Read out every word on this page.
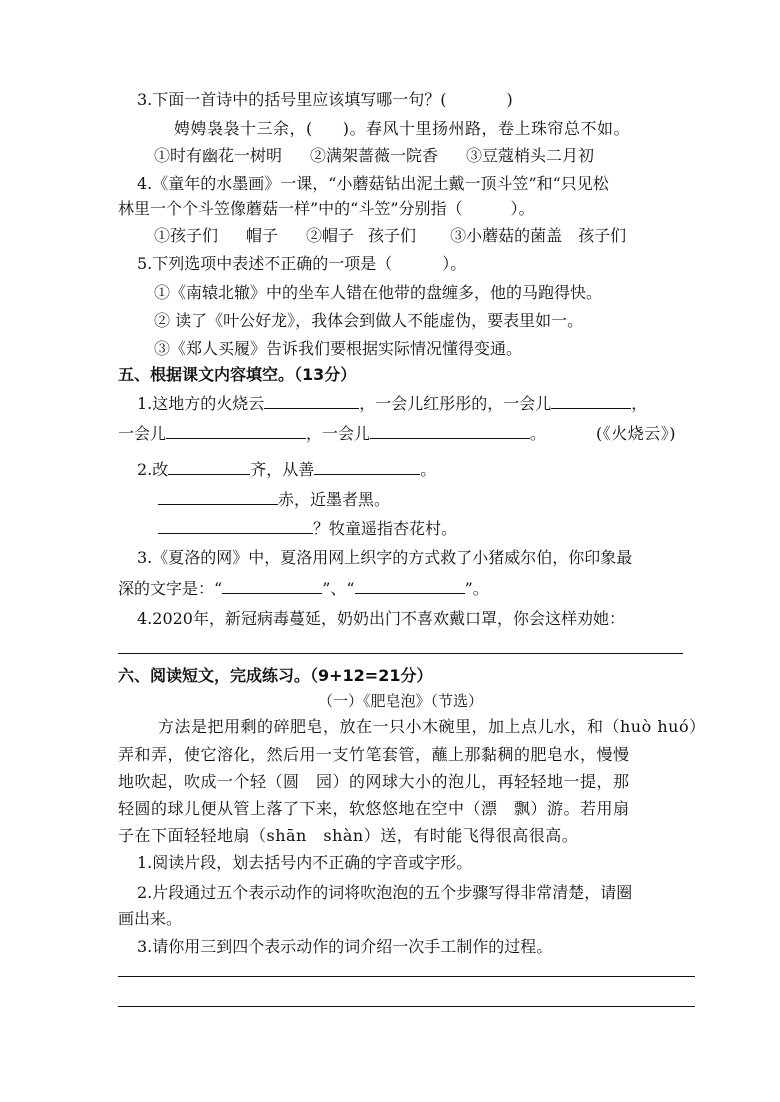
3.下面一首诗中的括号里应该填写哪一句？(	)
娉娉袅袅十三余，( )。春风十里扬州路，卷上珠帘总不如。
①时有幽花一树明 ②满架蔷薇一院香 ③豆蔻梢头二月初
4.《童年的水墨画》一课，“小蘑菇钻出泥土戴一顶斗笠”和“只见松
林里一个个斗笠像蘑菇一样”中的“斗笠”分别指（	）。
①孩子们 帽子 ②帽子 孩子们 ③小蘑菇的菌盖 孩子们
5.下列选项中表述不正确的一项是（	）。
①《南辕北辙》中的坐车人错在他带的盘缠多，他的马跑得快。
② 读了《叶公好龙》，我体会到做人不能虚伪，要表里如一。
③《郑人买履》告诉我们要根据实际情况懂得变通。
五、根据课文内容填空。（13分）
1.这地方的火烧云	，一会儿红彤彤的，一会儿	，
一会儿	，一会儿	。	(《火烧云》)
2.改	齐，从善	。
赤，近墨者黑。
？牧童遥指杏花村。
3.《夏洛的网》中，夏洛用网上织字的方式救了小猪威尔伯，你印象最
深的文字是：“	”、“	”。
4.2020年，新冠病毒蔓延，奶奶出门不喜欢戴口罩，你会这样劝她：
六、阅读短文，完成练习。（9+12=21分）
（一）《肥皂泡》（节选）
方法是把用剩的碎肥皂，放在一只小木碗里，加上点儿水，和（huò huó）
弄和弄，使它溶化，然后用一支竹笔套管，蘸上那黏稠的肥皂水，慢慢
地吹起，吹成一个轻（圆　园）的网球大小的泡儿，再轻轻地一提，那
轻圆的球儿便从管上落了下来，软悠悠地在空中（漂　飘）游。若用扇
子在下面轻轻地扇（shān　shàn）送，有时能飞得很高很高。
1.阅读片段，划去括号内不正确的字音或字形。
2.片段通过五个表示动作的词将吹泡泡的五个步骤写得非常清楚，请圈
画出来。
3.请你用三到四个表示动作的词介绍一次手工制作的过程。
